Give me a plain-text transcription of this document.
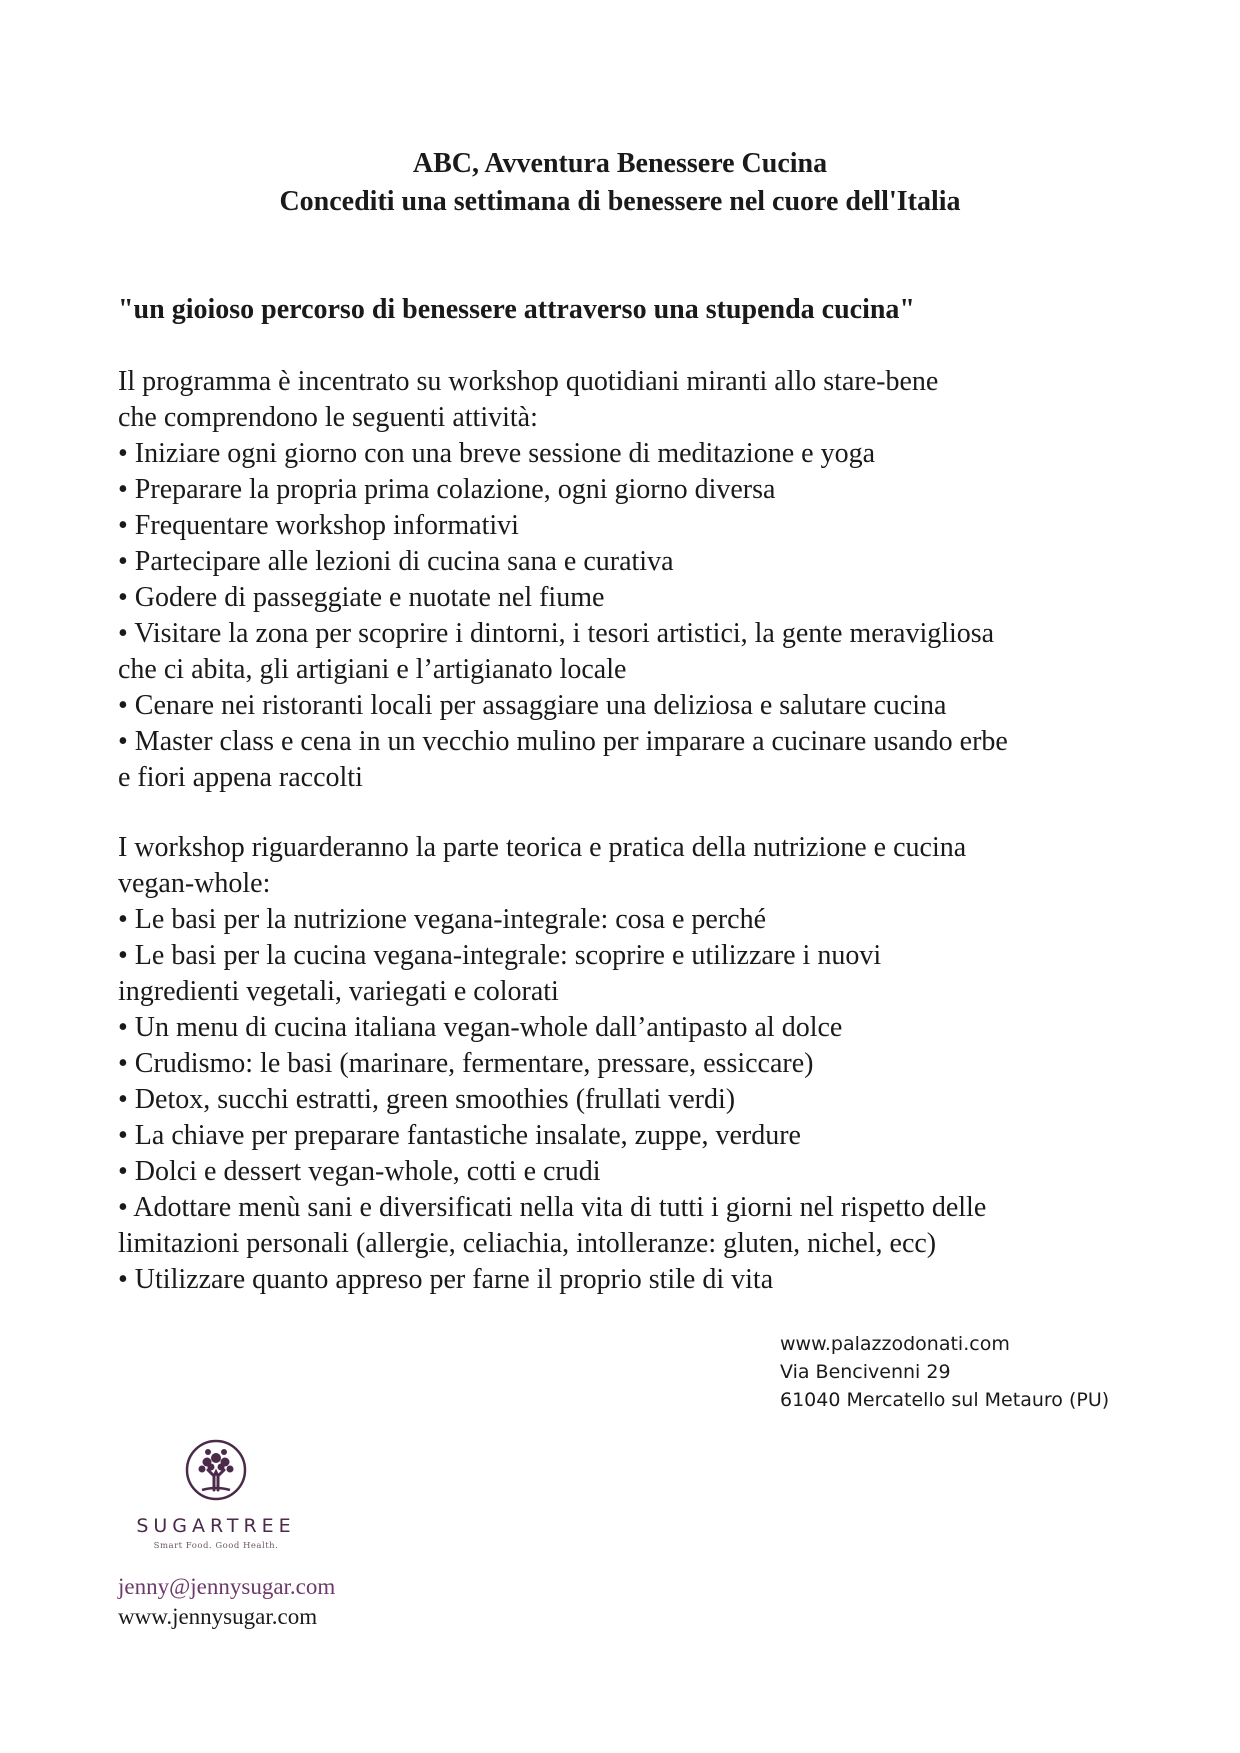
ABC, Avventura Benessere Cucina
Concediti una settimana di benessere nel cuore dell'Italia
"un gioioso percorso di benessere attraverso una stupenda cucina"

Il programma è incentrato su workshop quotidiani miranti allo stare-bene

che comprendono le seguenti attività:

• Iniziare ogni giorno con una breve sessione di meditazione e yoga

• Preparare la propria prima colazione, ogni giorno diversa

• Frequentare workshop informativi

• Partecipare alle lezioni di cucina sana e curativa

• Godere di passeggiate e nuotate nel fiume

• Visitare la zona per scoprire i dintorni, i tesori artistici, la gente meravigliosa

che ci abita, gli artigiani e l’artigianato locale

• Cenare nei ristoranti locali per assaggiare una deliziosa e salutare cucina

• Master class e cena in un vecchio mulino per imparare a cucinare usando erbe

e fiori appena raccolti

I workshop riguarderanno la parte teorica e pratica della nutrizione e cucina

vegan-whole:

• Le basi per la nutrizione vegana-integrale: cosa e perché

• Le basi per la cucina vegana-integrale: scoprire e utilizzare i nuovi

ingredienti vegetali, variegati e colorati

• Un menu di cucina italiana vegan-whole dall’antipasto al dolce

• Crudismo: le basi (marinare, fermentare, pressare, essiccare)

• Detox, succhi estratti, green smoothies (frullati verdi)

• La chiave per preparare fantastiche insalate, zuppe, verdure

• Dolci e dessert vegan-whole, cotti e crudi

• Adottare menù sani e diversificati nella vita di tutti i giorni nel rispetto delle

limitazioni personali (allergie, celiachia, intolleranze: gluten, nichel, ecc)

• Utilizzare quanto appreso per farne il proprio stile di vita

www.palazzodonati.com
Via Bencivenni 29
61040 Mercatello sul Metauro (PU)
SUGARTREE
Smart Food. Good Health.
jenny@jennysugar.com
www.jennysugar.com
